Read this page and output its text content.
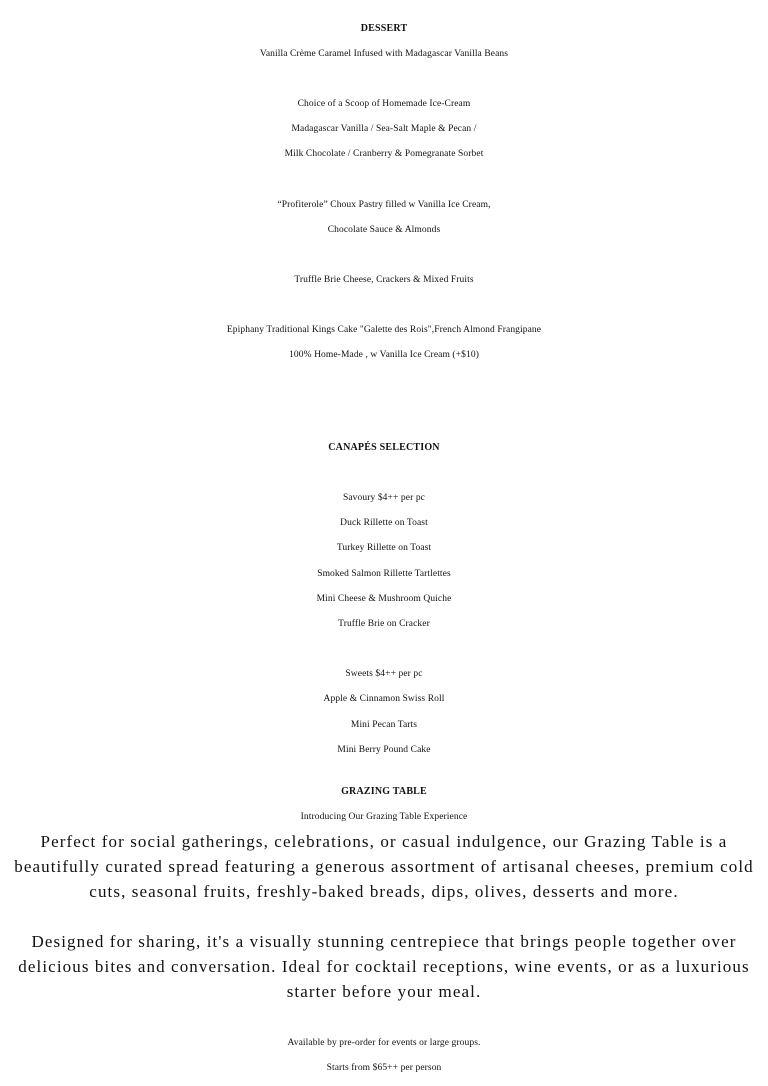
DESSERT
Vanilla Crème Caramel Infused with Madagascar Vanilla Beans
Choice of a Scoop of Homemade Ice-Cream
Madagascar Vanilla / Sea-Salt Maple & Pecan /
Milk Chocolate / Cranberry & Pomegranate Sorbet
“Profiterole” Choux Pastry filled w Vanilla Ice Cream,
Chocolate Sauce & Almonds
Truffle Brie Cheese, Crackers & Mixed Fruits
Epiphany Traditional Kings Cake "Galette des Rois",French Almond Frangipane
100% Home-Made , w Vanilla Ice Cream (+$10)
CANAPÉS SELECTION
Savoury $4++ per pc
Duck Rillette on Toast
Turkey Rillette on Toast
Smoked Salmon Rillette Tartlettes
Mini Cheese & Mushroom Quiche
Truffle Brie on Cracker
Sweets $4++ per pc
Apple & Cinnamon Swiss Roll
Mini Pecan Tarts
Mini Berry Pound Cake
GRAZING TABLE
Introducing Our Grazing Table Experience

Perfect for social gatherings, celebrations, or casual indulgence, our Grazing Table is a beautifully curated spread featuring a generous assortment of artisanal cheeses, premium cold cuts, seasonal fruits, freshly-baked breads, dips, olives, desserts and more.

Designed for sharing, it's a visually stunning centrepiece that brings people together over delicious bites and conversation. Ideal for cocktail receptions, wine events, or as a luxurious starter before your meal.

Available by pre-order for events or large groups.
Starts from $65++ per person
